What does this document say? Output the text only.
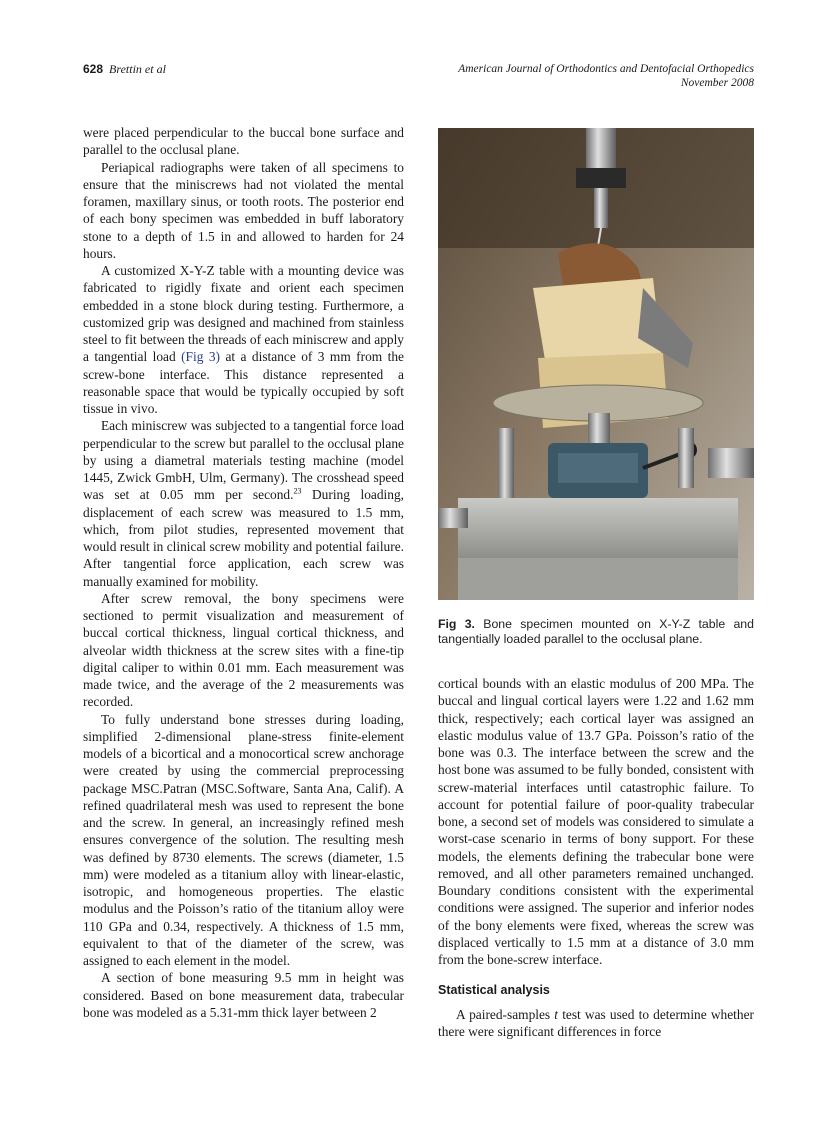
628 Brettin et al	American Journal of Orthodontics and Dentofacial Orthopedics
November 2008

were placed perpendicular to the buccal bone surface and parallel to the occlusal plane.

Periapical radiographs were taken of all specimens to ensure that the miniscrews had not violated the mental foramen, maxillary sinus, or tooth roots. The posterior end of each bony specimen was embedded in buff laboratory stone to a depth of 1.5 in and allowed to harden for 24 hours.

A customized X-Y-Z table with a mounting device was fabricated to rigidly fixate and orient each specimen embedded in a stone block during testing. Furthermore, a customized grip was designed and machined from stainless steel to fit between the threads of each miniscrew and apply a tangential load (Fig 3) at a distance of 3 mm from the screw-bone interface. This distance represented a reasonable space that would be typically occupied by soft tissue in vivo.

Each miniscrew was subjected to a tangential force load perpendicular to the screw but parallel to the occlusal plane by using a diametral materials testing machine (model 1445, Zwick GmbH, Ulm, Germany). The crosshead speed was set at 0.05 mm per second.$^{23}$ During loading, displacement of each screw was measured to 1.5 mm, which, from pilot studies, represented movement that would result in clinical screw mobility and potential failure. After tangential force application, each screw was manually examined for mobility.

After screw removal, the bony specimens were sectioned to permit visualization and measurement of buccal cortical thickness, lingual cortical thickness, and alveolar width thickness at the screw sites with a fine-tip digital caliper to within 0.01 mm. Each measurement was made twice, and the average of the 2 measurements was recorded.

To fully understand bone stresses during loading, simplified 2-dimensional plane-stress finite-element models of a bicortical and a monocortical screw anchorage were created by using the commercial preprocessing package MSC.Patran (MSC.Software, Santa Ana, Calif). A refined quadrilateral mesh was used to represent the bone and the screw. In general, an increasingly refined mesh ensures convergence of the solution. The resulting mesh was defined by 8730 elements. The screws (diameter, 1.5 mm) were modeled as a titanium alloy with linear-elastic, isotropic, and homogeneous properties. The elastic modulus and the Poisson’s ratio of the titanium alloy were 110 GPa and 0.34, respectively. A thickness of 1.5 mm, equivalent to that of the diameter of the screw, was assigned to each element in the model.

A section of bone measuring 9.5 mm in height was considered. Based on bone measurement data, trabecular bone was modeled as a 5.31-mm thick layer between 2

Fig 3. Bone specimen mounted on X-Y-Z table and tangentially loaded parallel to the occlusal plane.

cortical bounds with an elastic modulus of 200 MPa. The buccal and lingual cortical layers were 1.22 and 1.62 mm thick, respectively; each cortical layer was assigned an elastic modulus value of 13.7 GPa. Poisson’s ratio of the bone was 0.3. The interface between the screw and the host bone was assumed to be fully bonded, consistent with screw-material interfaces until catastrophic failure. To account for potential failure of poor-quality trabecular bone, a second set of models was considered to simulate a worst-case scenario in terms of bony support. For these models, the elements defining the trabecular bone were removed, and all other parameters remained unchanged. Boundary conditions consistent with the experimental conditions were assigned. The superior and inferior nodes of the bony elements were fixed, whereas the screw was displaced vertically to 1.5 mm at a distance of 3.0 mm from the bone-screw interface.

Statistical analysis

A paired-samples t test was used to determine whether there were significant differences in force
